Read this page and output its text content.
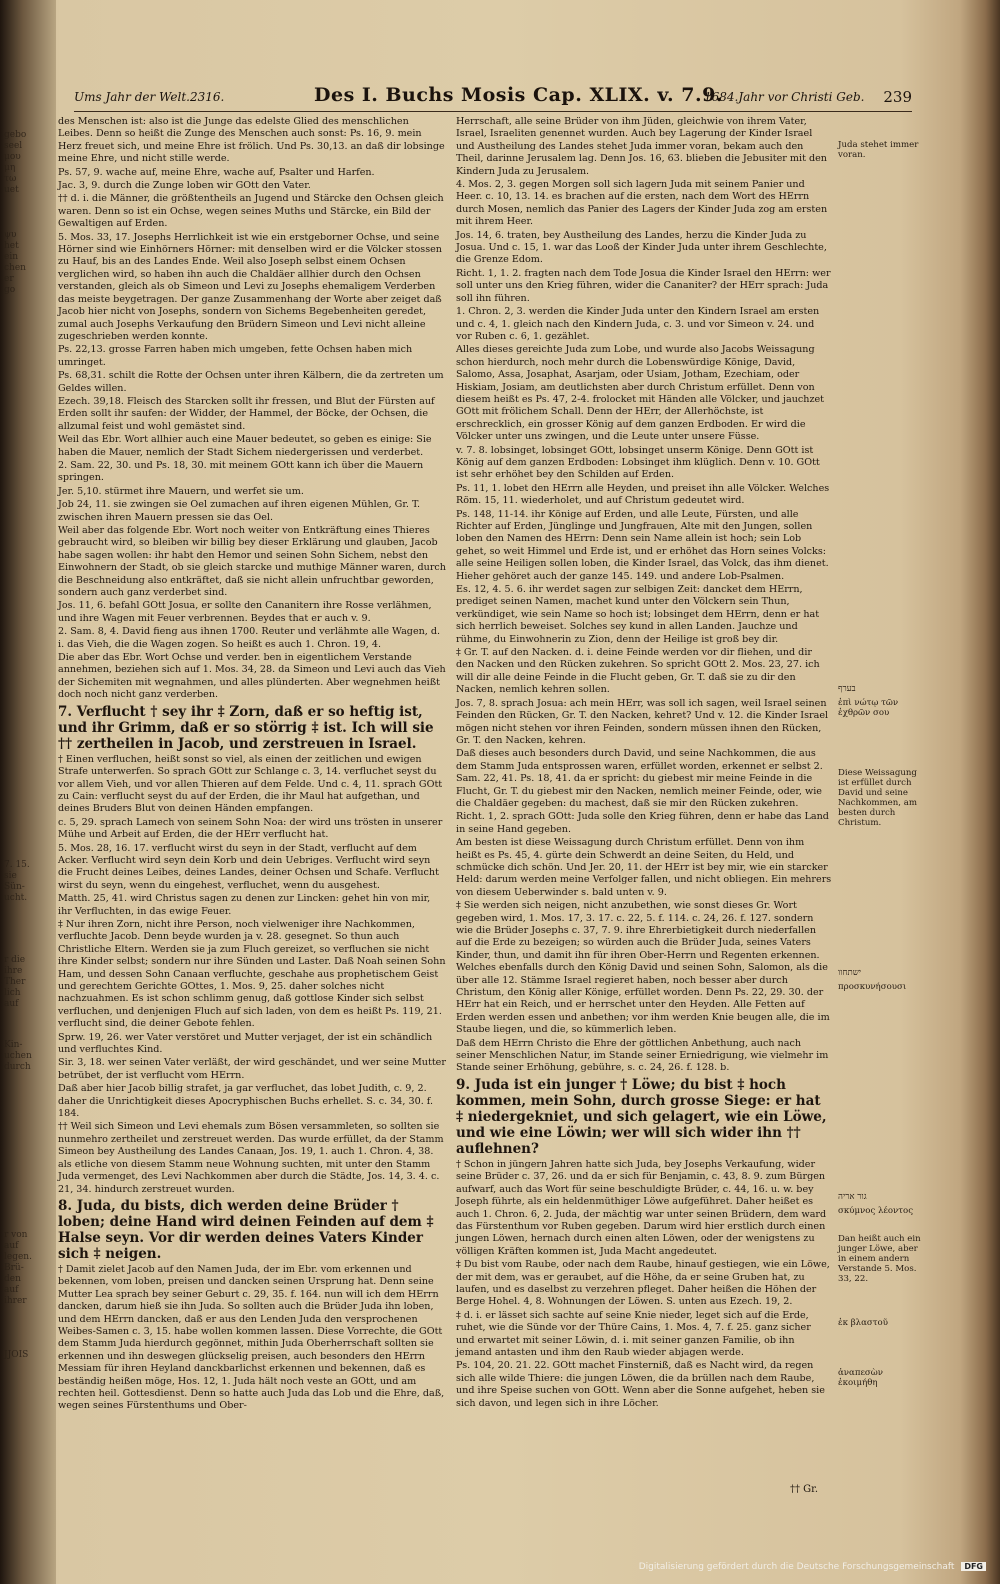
gebo
seel
μου
μη
τω
uet
ψυ
het
ein
chen
er
go
7. 15.
sie
Sün-
ucht.
r die
ihre
Ther
lich
auf
Kin-
uchen
durch
r von
auf
legen.
Brü-
den
auf
ihrer
JJOIS
Ums Jahr der Welt.2316.	Des I. Buchs Mosis Cap. XLIX. v. 7.9.
1684.Jahr vor Christi Geb. 239

des Menschen ist: also ist die Junge das edelste Glied des menschlichen Leibes. Denn so heißt die Zunge des Menschen auch sonst: Ps. 16, 9. mein Herz freuet sich, und meine Ehre ist frölich. Und Ps. 30,13. an daß dir lobsinge meine Ehre, und nicht stille werde.

Ps. 57, 9. wache auf, meine Ehre, wache auf, Psalter und Harfen.

Jac. 3, 9. durch die Zunge loben wir GOtt den Vater.

†† d. i. die Männer, die größtentheils an Jugend und Stärcke den Ochsen gleich waren. Denn so ist ein Ochse, wegen seines Muths und Stärcke, ein Bild der Gewaltigen auf Erden.

5. Mos. 33, 17. Josephs Herrlichkeit ist wie ein erstgeborner Ochse, und seine Hörner sind wie Einhörners Hörner: mit denselben wird er die Völcker stossen zu Hauf, bis an des Landes Ende. Weil also Joseph selbst einem Ochsen verglichen wird, so haben ihn auch die Chaldäer allhier durch den Ochsen verstanden, gleich als ob Simeon und Levi zu Josephs ehemaligem Verderben das meiste beygetragen. Der ganze Zusammenhang der Worte aber zeiget daß Jacob hier nicht von Josephs, sondern von Sichems Begebenheiten geredet, zumal auch Josephs Verkaufung den Brüdern Simeon und Levi nicht alleine zugeschrieben werden konnte.

Ps. 22,13. grosse Farren haben mich umgeben, fette Ochsen haben mich umringet.

Ps. 68,31. schilt die Rotte der Ochsen unter ihren Kälbern, die da zertreten um Geldes willen.

Ezech. 39,18. Fleisch des Starcken sollt ihr fressen, und Blut der Fürsten auf Erden sollt ihr saufen: der Widder, der Hammel, der Böcke, der Ochsen, die allzumal feist und wohl gemästet sind.

Weil das Ebr. Wort allhier auch eine Mauer bedeutet, so geben es einige: Sie haben die Mauer, nemlich der Stadt Sichem niedergerissen und verderbet.

2. Sam. 22, 30. und Ps. 18, 30. mit meinem GOtt kann ich über die Mauern springen.

Jer. 5,10. stürmet ihre Mauern, und werfet sie um.

Job 24, 11. sie zwingen sie Oel zumachen auf ihren eigenen Mühlen, Gr. T. zwischen ihren Mauern pressen sie das Oel.

Weil aber das folgende Ebr. Wort noch weiter von Entkräftung eines Thieres gebraucht wird, so bleiben wir billig bey dieser Erklärung und glauben, Jacob habe sagen wollen: ihr habt den Hemor und seinen Sohn Sichem, nebst den Einwohnern der Stadt, ob sie gleich starcke und muthige Männer waren, durch die Beschneidung also entkräftet, daß sie nicht allein unfruchtbar geworden, sondern auch ganz verderbet sind.

Jos. 11, 6. befahl GOtt Josua, er sollte den Cananitern ihre Rosse verlähmen, und ihre Wagen mit Feuer verbrennen. Beydes that er auch v. 9.

2. Sam. 8, 4. David fieng aus ihnen 1700. Reuter und verlähmte alle Wagen, d. i. das Vieh, die die Wagen zogen. So heißt es auch 1. Chron. 19, 4.

Die aber das Ebr. Wort Ochse und verder. ben in eigentlichem Verstande annehmen, beziehen sich auf 1. Mos. 34, 28. da Simeon und Levi auch das Vieh der Sichemiten mit wegnahmen, und alles plünderten. Aber wegnehmen heißt doch noch nicht ganz verderben.

7. Verflucht † sey ihr ‡ Zorn, daß er so heftig ist, und ihr Grimm, daß er so störrig ‡ ist. Ich will sie †† zertheilen in Jacob, und zerstreuen in Israel.

† Einen verfluchen, heißt sonst so viel, als einen der zeitlichen und ewigen Strafe unterwerfen. So sprach GOtt zur Schlange c. 3, 14. verfluchet seyst du vor allem Vieh, und vor allen Thieren auf dem Felde. Und c. 4, 11. sprach GOtt zu Cain: verflucht seyst du auf der Erden, die ihr Maul hat aufgethan, und deines Bruders Blut von deinen Händen empfangen.

c. 5, 29. sprach Lamech von seinem Sohn Noa: der wird uns trösten in unserer Mühe und Arbeit auf Erden, die der HErr verflucht hat.

5. Mos. 28, 16. 17. verflucht wirst du seyn in der Stadt, verflucht auf dem Acker. Verflucht wird seyn dein Korb und dein Uebriges. Verflucht wird seyn die Frucht deines Leibes, deines Landes, deiner Ochsen und Schafe. Verflucht wirst du seyn, wenn du eingehest, verfluchet, wenn du ausgehest.

Matth. 25, 41. wird Christus sagen zu denen zur Lincken: gehet hin von mir, ihr Verfluchten, in das ewige Feuer.

‡ Nur ihren Zorn, nicht ihre Person, noch vielweniger ihre Nachkommen, verfluchte Jacob. Denn beyde wurden ja v. 28. gesegnet. So thun auch Christliche Eltern. Werden sie ja zum Fluch gereizet, so verfluchen sie nicht ihre Kinder selbst; sondern nur ihre Sünden und Laster. Daß Noah seinen Sohn Ham, und dessen Sohn Canaan verfluchte, geschahe aus prophetischem Geist und gerechtem Gerichte GOttes, 1. Mos. 9, 25. daher solches nicht nachzuahmen. Es ist schon schlimm genug, daß gottlose Kinder sich selbst verfluchen, und denjenigen Fluch auf sich laden, von dem es heißt Ps. 119, 21. verflucht sind, die deiner Gebote fehlen.

Sprw. 19, 26. wer Vater verstöret und Mutter verjaget, der ist ein schändlich und verfluchtes Kind.

Sir. 3, 18. wer seinen Vater verläßt, der wird geschändet, und wer seine Mutter betrübet, der ist verflucht vom HErrn.

Daß aber hier Jacob billig strafet, ja gar verfluchet, das lobet Judith, c. 9, 2. daher die Unrichtigkeit dieses Apocryphischen Buchs erhellet. S. c. 34, 30. f. 184.

†† Weil sich Simeon und Levi ehemals zum Bösen versammleten, so sollten sie nunmehro zertheilet und zerstreuet werden. Das wurde erfüllet, da der Stamm Simeon bey Austheilung des Landes Canaan, Jos. 19, 1. auch 1. Chron. 4, 38. als etliche von diesem Stamm neue Wohnung suchten, mit unter den Stamm Juda vermenget, des Levi Nachkommen aber durch die Städte, Jos. 14, 3. 4. c. 21, 34. hindurch zerstreuet wurden.

8. Juda, du bists, dich werden deine Brüder † loben; deine Hand wird deinen Feinden auf dem ‡ Halse seyn. Vor dir werden deines Vaters Kinder sich ‡ neigen.

† Damit zielet Jacob auf den Namen Juda, der im Ebr. vom erkennen und bekennen, vom loben, preisen und dancken seinen Ursprung hat. Denn seine Mutter Lea sprach bey seiner Geburt c. 29, 35. f. 164. nun will ich dem HErrn dancken, darum hieß sie ihn Juda. So sollten auch die Brüder Juda ihn loben, und dem HErrn dancken, daß er aus den Lenden Juda den versprochenen Weibes-Samen c. 3, 15. habe wollen kommen lassen. Diese Vorrechte, die GOtt dem Stamm Juda hierdurch gegönnet, mithin Juda Oberherrschaft sollten sie erkennen und ihn deswegen glückselig preisen, auch besonders den HErrn Messiam für ihren Heyland danckbarlichst erkennen und bekennen, daß es beständig heißen möge, Hos. 12, 1. Juda hält noch veste an GOtt, und am rechten heil. Gottesdienst. Denn so hatte auch Juda das Lob und die Ehre, daß, wegen seines Fürstenthums und Ober-

Herrschaft, alle seine Brüder von ihm Jüden, gleichwie von ihrem Vater, Israel, Israeliten genennet wurden. Auch bey Lagerung der Kinder Israel und Austheilung des Landes stehet Juda immer voran, bekam auch den Theil, darinne Jerusalem lag. Denn Jos. 16, 63. blieben die Jebusiter mit den Kindern Juda zu Jerusalem.

4. Mos. 2, 3. gegen Morgen soll sich lagern Juda mit seinem Panier und Heer. c. 10, 13. 14. es brachen auf die ersten, nach dem Wort des HErrn durch Mosen, nemlich das Panier des Lagers der Kinder Juda zog am ersten mit ihrem Heer.

Jos. 14, 6. traten, bey Austheilung des Landes, herzu die Kinder Juda zu Josua. Und c. 15, 1. war das Looß der Kinder Juda unter ihrem Geschlechte, die Grenze Edom.

Richt. 1, 1. 2. fragten nach dem Tode Josua die Kinder Israel den HErrn: wer soll unter uns den Krieg führen, wider die Cananiter? der HErr sprach: Juda soll ihn führen.

1. Chron. 2, 3. werden die Kinder Juda unter den Kindern Israel am ersten und c. 4, 1. gleich nach den Kindern Juda, c. 3. und vor Simeon v. 24. und vor Ruben c. 6, 1. gezählet.

Alles dieses gereichte Juda zum Lobe, und wurde also Jacobs Weissagung schon hierdurch, noch mehr durch die Lobenswürdige Könige, David, Salomo, Assa, Josaphat, Asarjam, oder Usiam, Jotham, Ezechiam, oder Hiskiam, Josiam, am deutlichsten aber durch Christum erfüllet. Denn von diesem heißt es Ps. 47, 2-4. frolocket mit Händen alle Völcker, und jauchzet GOtt mit frölichem Schall. Denn der HErr, der Allerhöchste, ist erschrecklich, ein grosser König auf dem ganzen Erdboden. Er wird die Völcker unter uns zwingen, und die Leute unter unsere Füsse.

v. 7. 8. lobsinget, lobsinget GOtt, lobsinget unserm Könige. Denn GOtt ist König auf dem ganzen Erdboden: Lobsinget ihm klüglich. Denn v. 10. GOtt ist sehr erhöhet bey den Schilden auf Erden.

Ps. 11, 1. lobet den HErrn alle Heyden, und preiset ihn alle Völcker. Welches Röm. 15, 11. wiederholet, und auf Christum gedeutet wird.

Ps. 148, 11-14. ihr Könige auf Erden, und alle Leute, Fürsten, und alle Richter auf Erden, Jünglinge und Jungfrauen, Alte mit den Jungen, sollen loben den Namen des HErrn: Denn sein Name allein ist hoch; sein Lob gehet, so weit Himmel und Erde ist, und er erhöhet das Horn seines Volcks: alle seine Heiligen sollen loben, die Kinder Israel, das Volck, das ihm dienet. Hieher gehöret auch der ganze 145. 149. und andere Lob-Psalmen.

Es. 12, 4. 5. 6. ihr werdet sagen zur selbigen Zeit: dancket dem HErrn, prediget seinen Namen, machet kund unter den Völckern sein Thun, verkündiget, wie sein Name so hoch ist; lobsinget dem HErrn, denn er hat sich herrlich beweiset. Solches sey kund in allen Landen. Jauchze und rühme, du Einwohnerin zu Zion, denn der Heilige ist groß bey dir.

‡ Gr. T. auf den Nacken. d. i. deine Feinde werden vor dir fliehen, und dir den Nacken und den Rücken zukehren. So spricht GOtt 2. Mos. 23, 27. ich will dir alle deine Feinde in die Flucht geben, Gr. T. daß sie zu dir den Nacken, nemlich kehren sollen.

Jos. 7, 8. sprach Josua: ach mein HErr, was soll ich sagen, weil Israel seinen Feinden den Rücken, Gr. T. den Nacken, kehret? Und v. 12. die Kinder Israel mögen nicht stehen vor ihren Feinden, sondern müssen ihnen den Rücken, Gr. T. den Nacken, kehren.

Daß dieses auch besonders durch David, und seine Nachkommen, die aus dem Stamm Juda entsprossen waren, erfüllet worden, erkennet er selbst 2. Sam. 22, 41. Ps. 18, 41. da er spricht: du giebest mir meine Feinde in die Flucht, Gr. T. du giebest mir den Nacken, nemlich meiner Feinde, oder, wie die Chaldäer gegeben: du machest, daß sie mir den Rücken zukehren.

Richt. 1, 2. sprach GOtt: Juda solle den Krieg führen, denn er habe das Land in seine Hand gegeben.

Am besten ist diese Weissagung durch Christum erfüllet. Denn von ihm heißt es Ps. 45, 4. gürte dein Schwerdt an deine Seiten, du Held, und schmücke dich schön. Und Jer. 20, 11. der HErr ist bey mir, wie ein starcker Held: darum werden meine Verfolger fallen, und nicht obliegen. Ein mehrers von diesem Ueberwinder s. bald unten v. 9.

‡ Sie werden sich neigen, nicht anzubethen, wie sonst dieses Gr. Wort gegeben wird, 1. Mos. 17, 3. 17. c. 22, 5. f. 114. c. 24, 26. f. 127. sondern wie die Brüder Josephs c. 37, 7. 9. ihre Ehrerbietigkeit durch niederfallen auf die Erde zu bezeigen; so würden auch die Brüder Juda, seines Vaters Kinder, thun, und damit ihn für ihren Ober-Herrn und Regenten erkennen. Welches ebenfalls durch den König David und seinen Sohn, Salomon, als die über alle 12. Stämme Israel regieret haben, noch besser aber durch Christum, den König aller Könige, erfüllet worden. Denn Ps. 22, 29. 30. der HErr hat ein Reich, und er herrschet unter den Heyden. Alle Fetten auf Erden werden essen und anbethen; vor ihm werden Knie beugen alle, die im Staube liegen, und die, so kümmerlich leben.

Daß dem HErrn Christo die Ehre der göttlichen Anbethung, auch nach seiner Menschlichen Natur, im Stande seiner Erniedrigung, wie vielmehr im Stande seiner Erhöhung, gebühre, s. c. 24, 26. f. 128. b.

9. Juda ist ein junger † Löwe; du bist ‡ hoch kommen, mein Sohn, durch grosse Siege: er hat ‡ niedergekniet, und sich gelagert, wie ein Löwe, und wie eine Löwin; wer will sich wider ihn †† auflehnen?

† Schon in jüngern Jahren hatte sich Juda, bey Josephs Verkaufung, wider seine Brüder c. 37, 26. und da er sich für Benjamin, c. 43, 8. 9. zum Bürgen aufwarf, auch das Wort für seine beschuldigte Brüder, c. 44, 16. u. w. bey Joseph führte, als ein heldenmüthiger Löwe aufgeführet. Daher heißet es auch 1. Chron. 6, 2. Juda, der mächtig war unter seinen Brüdern, dem ward das Fürstenthum vor Ruben gegeben. Darum wird hier erstlich durch einen jungen Löwen, hernach durch einen alten Löwen, oder der wenigstens zu völligen Kräften kommen ist, Juda Macht angedeutet.

‡ Du bist vom Raube, oder nach dem Raube, hinauf gestiegen, wie ein Löwe, der mit dem, was er geraubet, auf die Höhe, da er seine Gruben hat, zu laufen, und es daselbst zu verzehren pfleget. Daher heißen die Höhen der Berge Hohel. 4, 8. Wohnungen der Löwen. S. unten aus Ezech. 19, 2.

‡ d. i. er lässet sich sachte auf seine Knie nieder, leget sich auf die Erde, ruhet, wie die Sünde vor der Thüre Cains, 1. Mos. 4, 7. f. 25. ganz sicher und erwartet mit seiner Löwin, d. i. mit seiner ganzen Familie, ob ihn jemand antasten und ihm den Raub wieder abjagen werde.

Ps. 104, 20. 21. 22. GOtt machet Finsterniß, daß es Nacht wird, da regen sich alle wilde Thiere: die jungen Löwen, die da brüllen nach dem Raube, und ihre Speise suchen von GOtt. Wenn aber die Sonne aufgehet, heben sie sich davon, und legen sich in ihre Löcher.

Juda stehet immer voran.
בערף
ἐπὶ νώτῳ τῶν ἐχθρῶν σου
Diese Weissagung ist erfüllet durch David und seine Nachkommen, am besten durch Christum.
ישתחוו
προσκυνήσουσι
גור אריה
σκύμνος λέοντος
Dan heißt auch ein junger Löwe, aber in einem andern Verstande 5. Mos. 33, 22.
ἐκ βλαστοῦ
ἀναπεσὼν ἐκοιμήθη
†† Gr.
Digitalisierung gefördert durch die Deutsche Forschungsgemeinschaft DFG
